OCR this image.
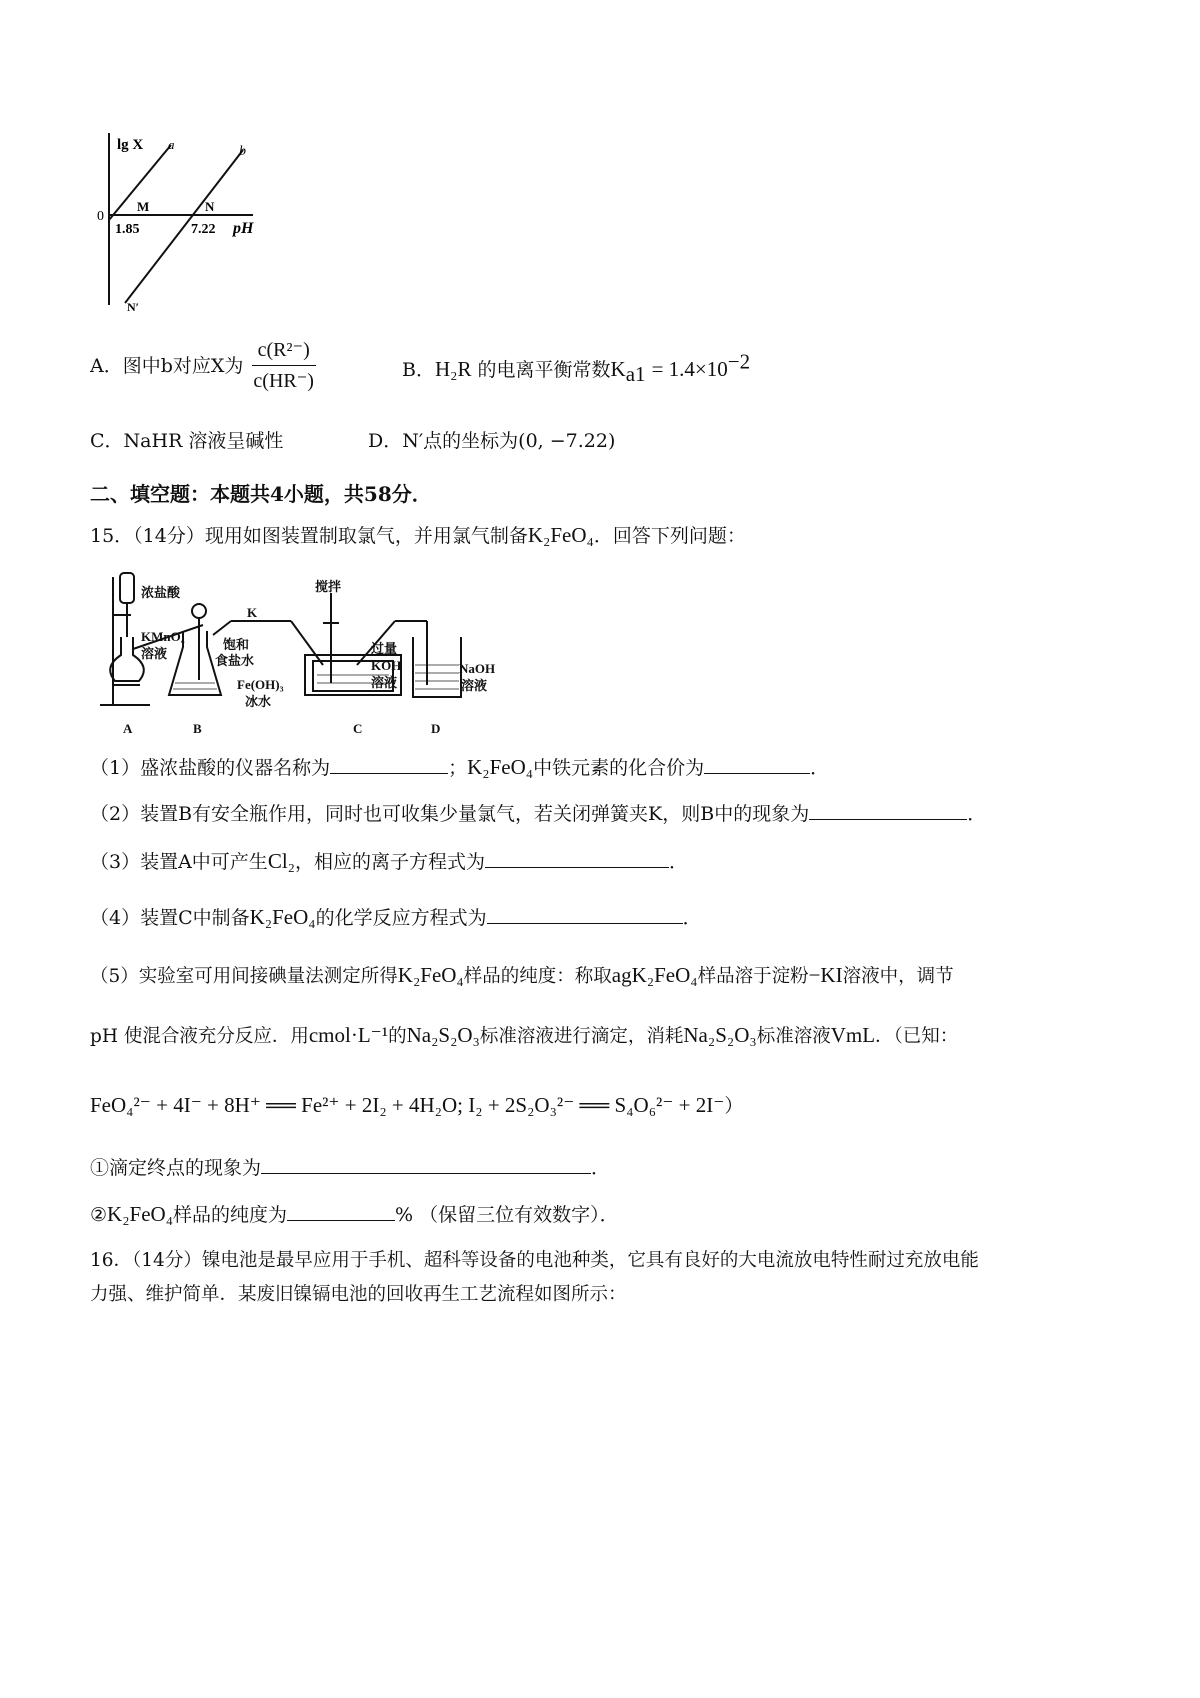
lg X a	b
0
M	N
1.85	7.22 pH
N′
A．图中b对应X为 $\frac{\text{c(R²⁻)}}{c(HR^-)}$	B．H₂R 的电离平衡常数$K_{a1} = 1.4\times 10^{-2}$
C．NaHR 溶液呈碱性	D．N′点的坐标为(0, −7.22)
二、填空题：本题共4小题，共58分．
15．（14分）现用如图装置制取氯气，并用氯气制备K₂FeO₄．回答下列问题：
浓盐酸
KMnO₄
溶液
K
搅拌
饱和
食盐水
Fe(OH)₃
冰水
过量
KOH
溶液
NaOH
溶液
A	B	C	D
（1）盛浓盐酸的仪器名称为	；K₂FeO₄中铁元素的化合价为	．
（2）装置B有安全瓶作用，同时也可收集少量氯气，若关闭弹簧夹K，则B中的现象为	．
（3）装置A中可产生Cl₂，相应的离子方程式为	．
（4）装置C中制备K₂FeO₄的化学反应方程式为	．
（5）实验室可用间接碘量法测定所得K₂FeO₄样品的纯度：称取agK₂FeO₄样品溶于淀粉−KI溶液中，调节
pH 使混合液充分反应．用cmol·L⁻¹的Na₂S₂O₃标准溶液进行滴定，消耗Na₂S₂O₃标准溶液VmL．（已知：
FeO₄²⁻ + 4I⁻ + 8H⁺ ══ Fe²⁺ + 2I₂ + 4H₂O; I₂ + 2S₂O₃²⁻ ══ S₄O₆²⁻ + 2I⁻）
①滴定终点的现象为	．
②K₂FeO₄样品的纯度为	% （保留三位有效数字）．
16．（14分）镍电池是最早应用于手机、超科等设备的电池种类，它具有良好的大电流放电特性耐过充放电能
力强、维护简单．某废旧镍镉电池的回收再生工艺流程如图所示：
